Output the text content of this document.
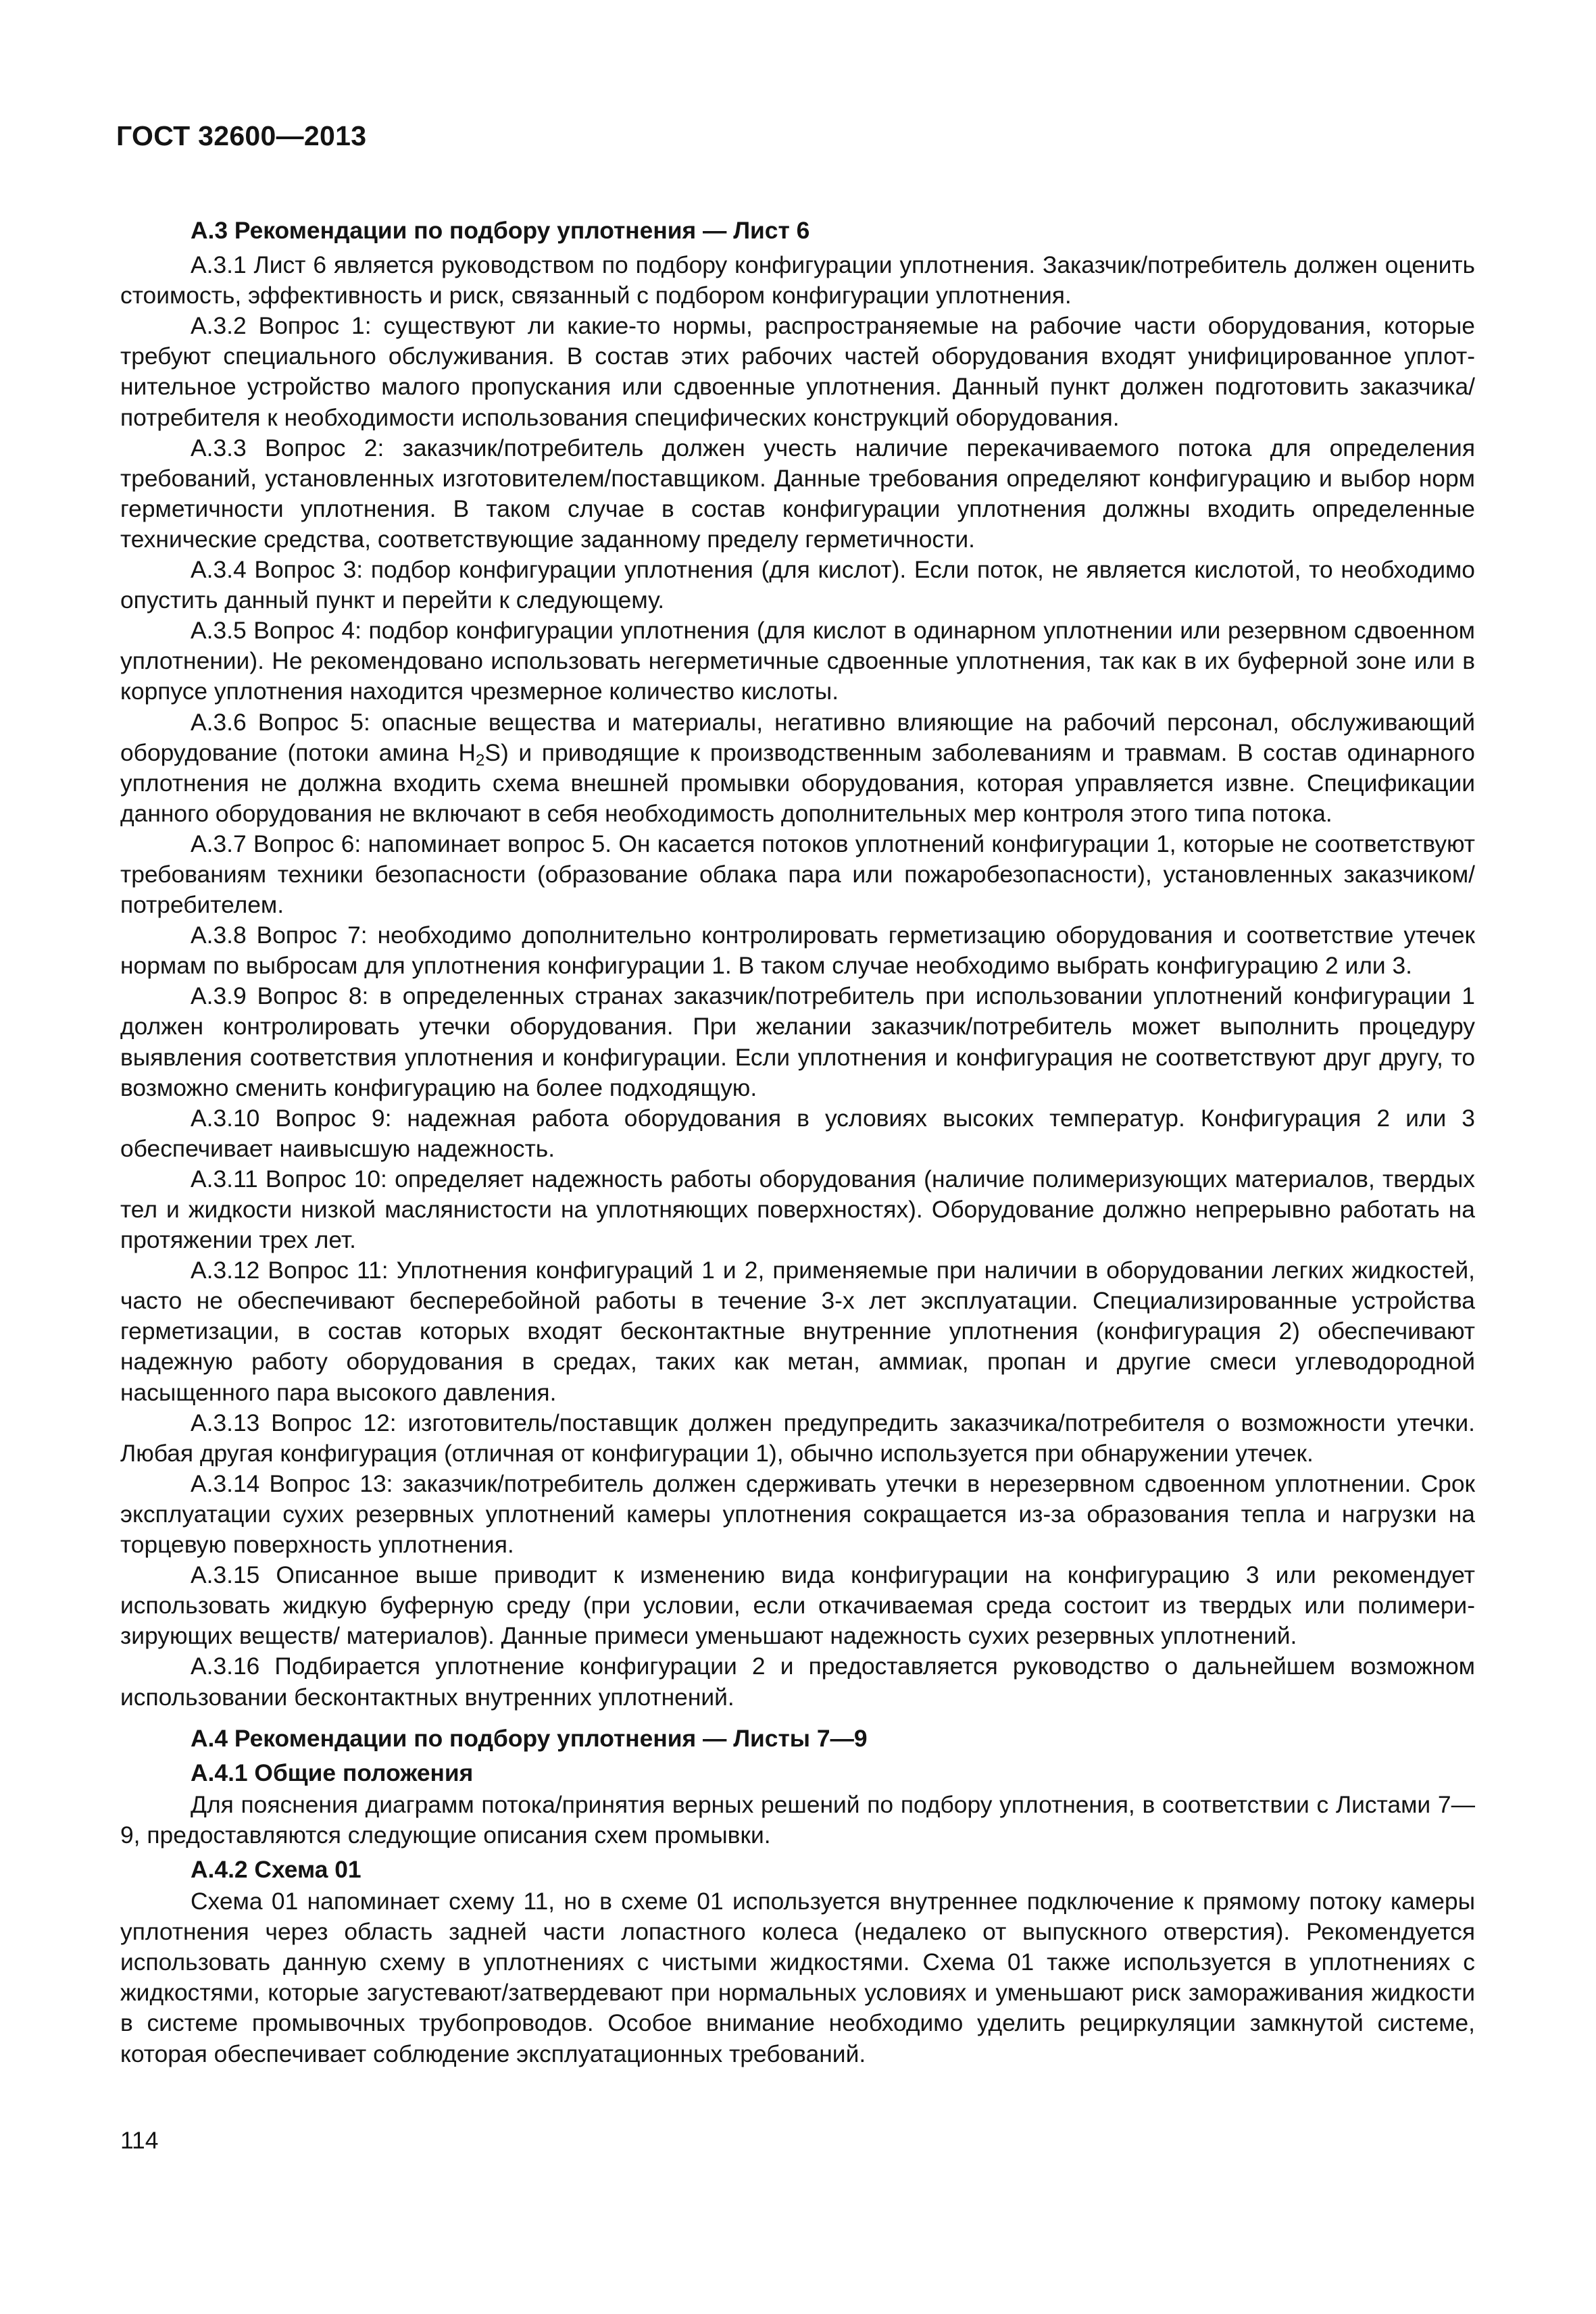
ГОСТ 32600—2013

А.3 Рекомендации по подбору уплотнения — Лист 6

А.3.1 Лист 6 является руководством по подбору конфигурации уплотнения. Заказчик/потребитель должен оценить стоимость, эффективность и риск, связанный с подбором конфигурации уплотнения.

А.3.2 Вопрос 1: существуют ли какие-то нормы, распространяемые на рабочие части оборудования, которые требуют специального обслуживания. В состав этих рабочих частей оборудования входят унифицированное уплотнительное устройство малого пропускания или сдвоенные уплотнения. Данный пункт должен подготовить заказчика/потребителя к необходимости использования специфических конструкций оборудования.

А.3.3 Вопрос 2: заказчик/потребитель должен учесть наличие перекачиваемого потока для определения требований, установленных изготовителем/поставщиком. Данные требования определяют конфигурацию и выбор норм герметичности уплотнения. В таком случае в состав конфигурации уплотнения должны входить определенные технические средства, соответствующие заданному пределу герметичности.

А.3.4 Вопрос 3: подбор конфигурации уплотнения (для кислот). Если поток, не является кислотой, то необходимо опустить данный пункт и перейти к следующему.

А.3.5 Вопрос 4: подбор конфигурации уплотнения (для кислот в одинарном уплотнении или резервном сдвоенном уплотнении). Не рекомендовано использовать негерметичные сдвоенные уплотнения, так как в их буферной зоне или в корпусе уплотнения находится чрезмерное количество кислоты.

А.3.6 Вопрос 5: опасные вещества и материалы, негативно влияющие на рабочий персонал, обслуживающий оборудование (потоки амина $H_2S$) и приводящие к производственным заболеваниям и травмам. В состав одинарного уплотнения не должна входить схема внешней промывки оборудования, которая управляется извне. Спецификации данного оборудования не включают в себя необходимость дополнительных мер контроля этого типа потока.

А.3.7 Вопрос 6: напоминает вопрос 5. Он касается потоков уплотнений конфигурации 1, которые не соответствуют требованиям техники безопасности (образование облака пара или пожаробезопасности), установленных заказчиком/потребителем.

А.3.8 Вопрос 7: необходимо дополнительно контролировать герметизацию оборудования и соответствие утечек нормам по выбросам для уплотнения конфигурации 1. В таком случае необходимо выбрать конфигурацию 2 или 3.

А.3.9 Вопрос 8: в определенных странах заказчик/потребитель при использовании уплотнений конфигурации 1 должен контролировать утечки оборудования. При желании заказчик/потребитель может выполнить процедуру выявления соответствия уплотнения и конфигурации. Если уплотнения и конфигурация не соответствуют друг другу, то возможно сменить конфигурацию на более подходящую.

А.3.10 Вопрос 9: надежная работа оборудования в условиях высоких температур. Конфигурация 2 или 3 обеспечивает наивысшую надежность.

А.3.11 Вопрос 10: определяет надежность работы оборудования (наличие полимеризующих материалов, твердых тел и жидкости низкой маслянистости на уплотняющих поверхностях). Оборудование должно непрерывно работать на протяжении трех лет.

А.3.12 Вопрос 11: Уплотнения конфигураций 1 и 2, применяемые при наличии в оборудовании легких жидкостей, часто не обеспечивают бесперебойной работы в течение 3-х лет эксплуатации. Специализированные устройства герметизации, в состав которых входят бесконтактные внутренние уплотнения (конфигурация 2) обеспечивают надежную работу оборудования в средах, таких как метан, аммиак, пропан и другие смеси углеводородной насыщенного пара высокого давления.

А.3.13 Вопрос 12: изготовитель/поставщик должен предупредить заказчика/потребителя о возможности утечки. Любая другая конфигурация (отличная от конфигурации 1), обычно используется при обнаружении утечек.

А.3.14 Вопрос 13: заказчик/потребитель должен сдерживать утечки в нерезервном сдвоенном уплотнении. Срок эксплуатации сухих резервных уплотнений камеры уплотнения сокращается из-за образования тепла и нагрузки на торцевую поверхность уплотнения.

А.3.15 Описанное выше приводит к изменению вида конфигурации на конфигурацию 3 или рекомендует использовать жидкую буферную среду (при условии, если откачиваемая среда состоит из твердых или полимеризирующих веществ/ материалов). Данные примеси уменьшают надежность сухих резервных уплотнений.

А.3.16 Подбирается уплотнение конфигурации 2 и предоставляется руководство о дальнейшем возможном использовании бесконтактных внутренних уплотнений.

А.4 Рекомендации по подбору уплотнения — Листы 7—9

А.4.1 Общие положения

Для пояснения диаграмм потока/принятия верных решений по подбору уплотнения, в соответствии с Листами 7—9, предоставляются следующие описания схем промывки.

А.4.2 Схема 01

Схема 01 напоминает схему 11, но в схеме 01 используется внутреннее подключение к прямому потоку камеры уплотнения через область задней части лопастного колеса (недалеко от выпускного отверстия). Рекомендуется использовать данную схему в уплотнениях с чистыми жидкостями. Схема 01 также используется в уплотнениях с жидкостями, которые загустевают/затвердевают при нормальных условиях и уменьшают риск замораживания жидкости в системе промывочных трубопроводов. Особое внимание необходимо уделить рециркуляции замкнутой системе, которая обеспечивает соблюдение эксплуатационных требований.

114
